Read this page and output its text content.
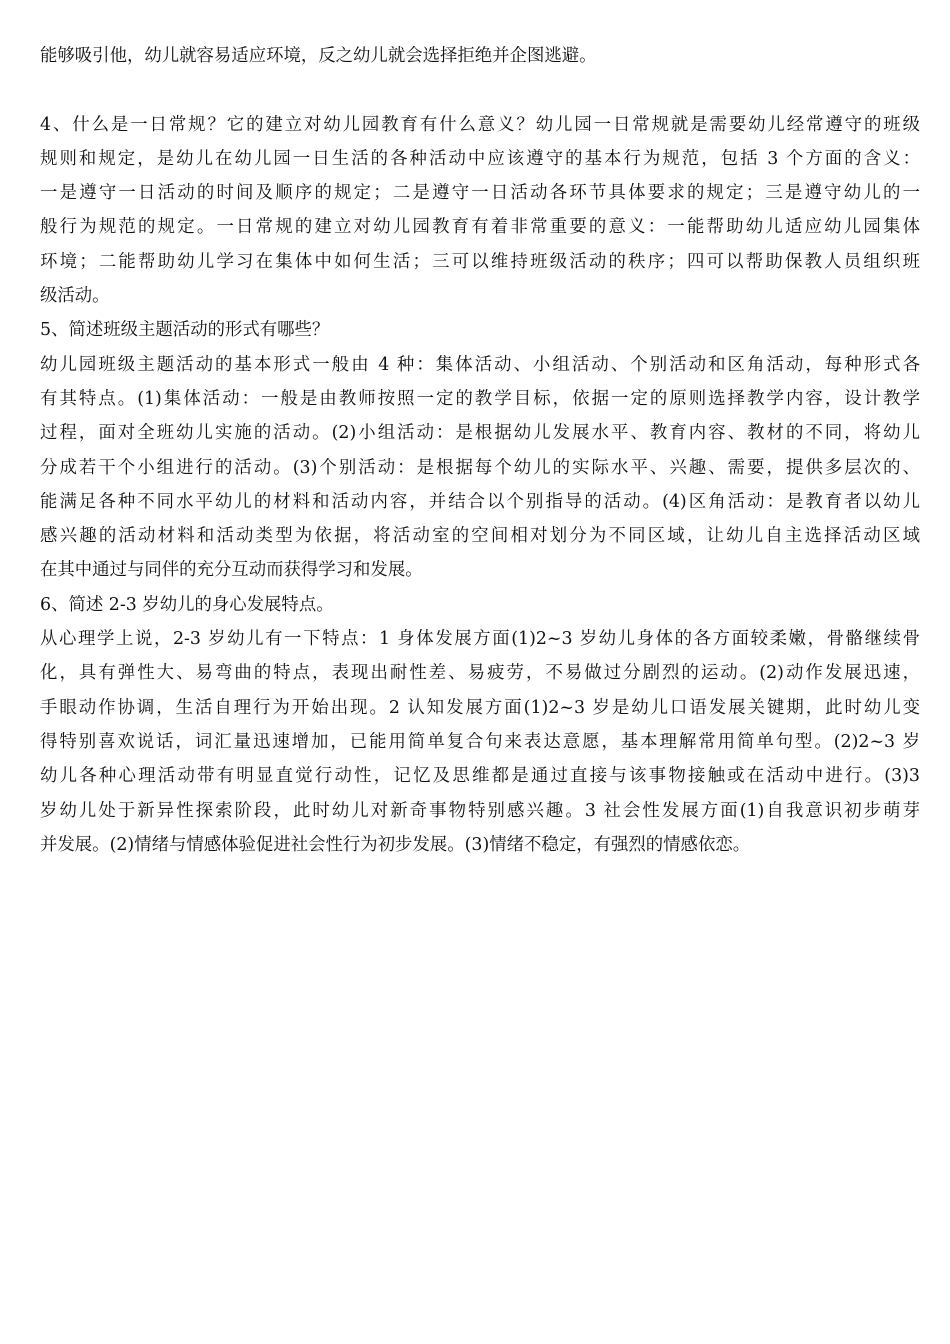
能够吸引他，幼儿就容易适应环境，反之幼儿就会选择拒绝并企图逃避。
4、什么是一日常规？它的建立对幼儿园教育有什么意义？幼儿园一日常规就是需要幼儿经常遵守的班级
规则和规定，是幼儿在幼儿园一日生活的各种活动中应该遵守的基本行为规范，包括 3 个方面的含义：
一是遵守一日活动的时间及顺序的规定；二是遵守一日活动各环节具体要求的规定；三是遵守幼儿的一
般行为规范的规定。一日常规的建立对幼儿园教育有着非常重要的意义：一能帮助幼儿适应幼儿园集体
环境；二能帮助幼儿学习在集体中如何生活；三可以维持班级活动的秩序；四可以帮助保教人员组织班
级活动。
5、简述班级主题活动的形式有哪些？
幼儿园班级主题活动的基本形式一般由 4 种：集体活动、小组活动、个别活动和区角活动，每种形式各
有其特点。(1)集体活动：一般是由教师按照一定的教学目标，依据一定的原则选择教学内容，设计教学
过程，面对全班幼儿实施的活动。(2)小组活动：是根据幼儿发展水平、教育内容、教材的不同，将幼儿
分成若干个小组进行的活动。(3)个别活动：是根据每个幼儿的实际水平、兴趣、需要，提供多层次的、
能满足各种不同水平幼儿的材料和活动内容，并结合以个别指导的活动。(4)区角活动：是教育者以幼儿
感兴趣的活动材料和活动类型为依据，将活动室的空间相对划分为不同区域，让幼儿自主选择活动区域
在其中通过与同伴的充分互动而获得学习和发展。
6、简述 2-3 岁幼儿的身心发展特点。
从心理学上说，2-3 岁幼儿有一下特点：1 身体发展方面(1)2~3 岁幼儿身体的各方面较柔嫩，骨骼继续骨
化，具有弹性大、易弯曲的特点，表现出耐性差、易疲劳，不易做过分剧烈的运动。(2)动作发展迅速，
手眼动作协调，生活自理行为开始出现。2 认知发展方面(1)2~3 岁是幼儿口语发展关键期，此时幼儿变
得特别喜欢说话，词汇量迅速增加，已能用简单复合句来表达意愿，基本理解常用简单句型。(2)2~3 岁
幼儿各种心理活动带有明显直觉行动性，记忆及思维都是通过直接与该事物接触或在活动中进行。(3)3
岁幼儿处于新异性探索阶段，此时幼儿对新奇事物特别感兴趣。3 社会性发展方面(1)自我意识初步萌芽
并发展。(2)情绪与情感体验促进社会性行为初步发展。(3)情绪不稳定，有强烈的情感依恋。
